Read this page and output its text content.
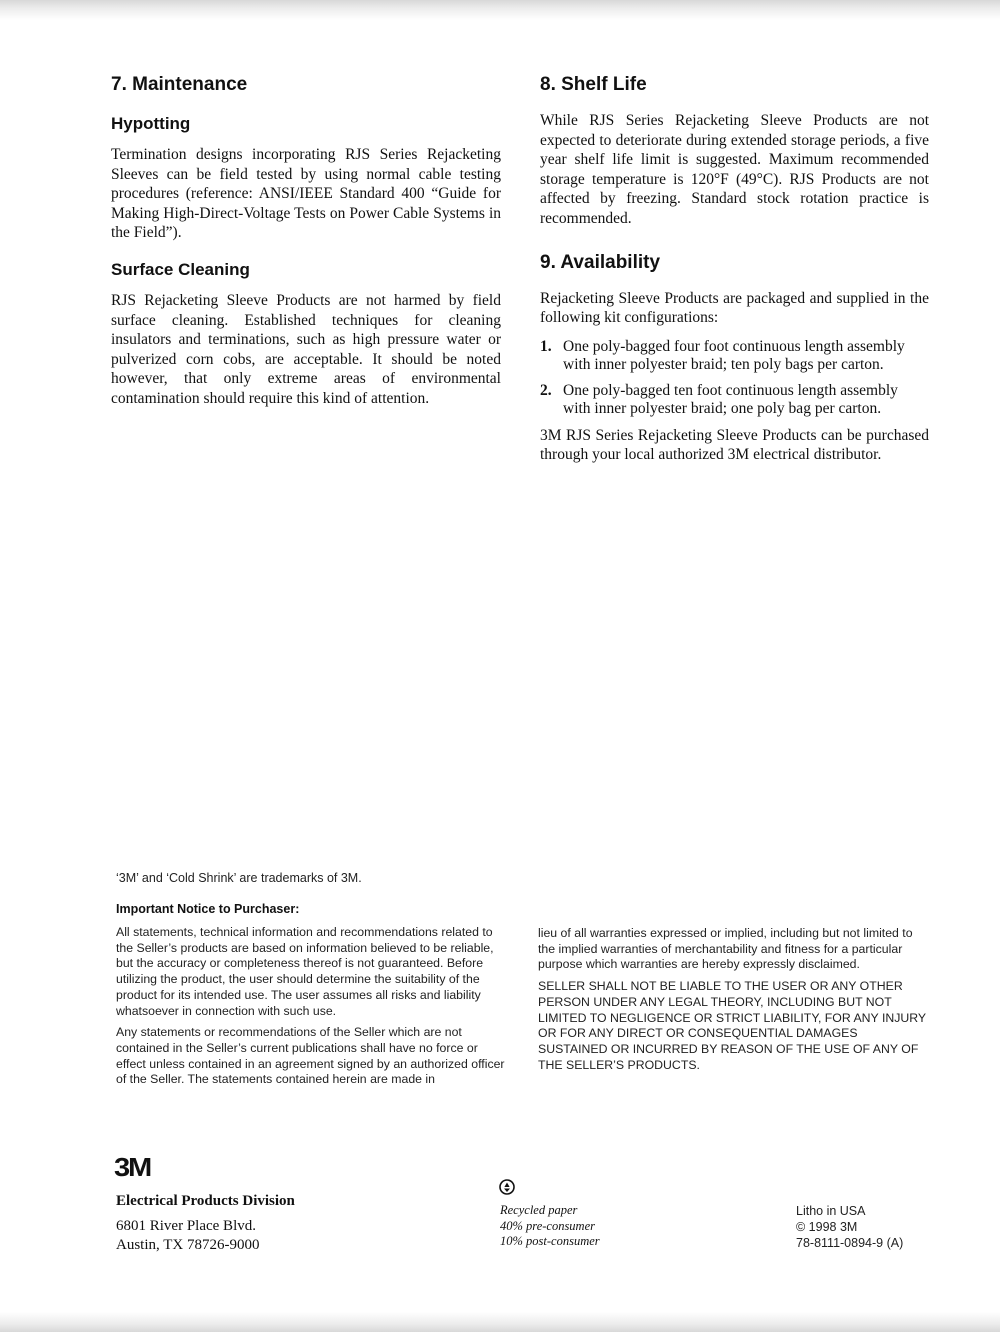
7. Maintenance
Hypotting

Termination designs incorporating RJS Series Rejacketing Sleeves can be field tested by using normal cable testing procedures (reference: ANSI/IEEE Standard 400 “Guide for Making High-Direct-Voltage Tests on Power Cable Systems in the Field”).

Surface Cleaning

RJS Rejacketing Sleeve Products are not harmed by field surface cleaning. Established techniques for cleaning insulators and terminations, such as high pressure water or pulverized corn cobs, are acceptable. It should be noted however, that only extreme areas of environmental contamination should require this kind of attention.

8. Shelf Life

While RJS Series Rejacketing Sleeve Products are not expected to deteriorate during extended storage periods, a five year shelf life limit is suggested. Maximum recommended storage temperature is 120°F (49°C). RJS Products are not affected by freezing. Standard stock rotation practice is recommended.

9. Availability

Rejacketing Sleeve Products are packaged and supplied in the following kit configurations:

1. One poly-bagged four foot continuous length assembly with inner polyester braid; ten poly bags per carton.
2. One poly-bagged ten foot continuous length assembly with inner polyester braid; one poly bag per carton.

3M RJS Series Rejacketing Sleeve Products can be purchased through your local authorized 3M electrical distributor.

‘3M’ and ‘Cold Shrink’ are trademarks of 3M.
Important Notice to Purchaser:

All statements, technical information and recommendations related to the Seller’s products are based on information believed to be reliable, but the accuracy or completeness thereof is not guaranteed. Before utilizing the product, the user should determine the suitability of the product for its intended use. The user assumes all risks and liability whatsoever in connection with such use.

Any statements or recommendations of the Seller which are not contained in the Seller’s current publications shall have no force or effect unless contained in an agreement signed by an authorized officer of the Seller. The statements contained herein are made in

lieu of all warranties expressed or implied, including but not limited to the implied warranties of merchantability and fitness for a particular purpose which warranties are hereby expressly disclaimed.

SELLER SHALL NOT BE LIABLE TO THE USER OR ANY OTHER PERSON UNDER ANY LEGAL THEORY, INCLUDING BUT NOT LIMITED TO NEGLIGENCE OR STRICT LIABILITY, FOR ANY INJURY OR FOR ANY DIRECT OR CONSEQUENTIAL DAMAGES SUSTAINED OR INCURRED BY REASON OF THE USE OF ANY OF THE SELLER’S PRODUCTS.

3M
Electrical Products Division
6801 River Place Blvd.
Austin, TX 78726-9000
Recycled paper
40% pre-consumer
10% post-consumer
Litho in USA
© 1998 3M
78-8111-0894-9 (A)
